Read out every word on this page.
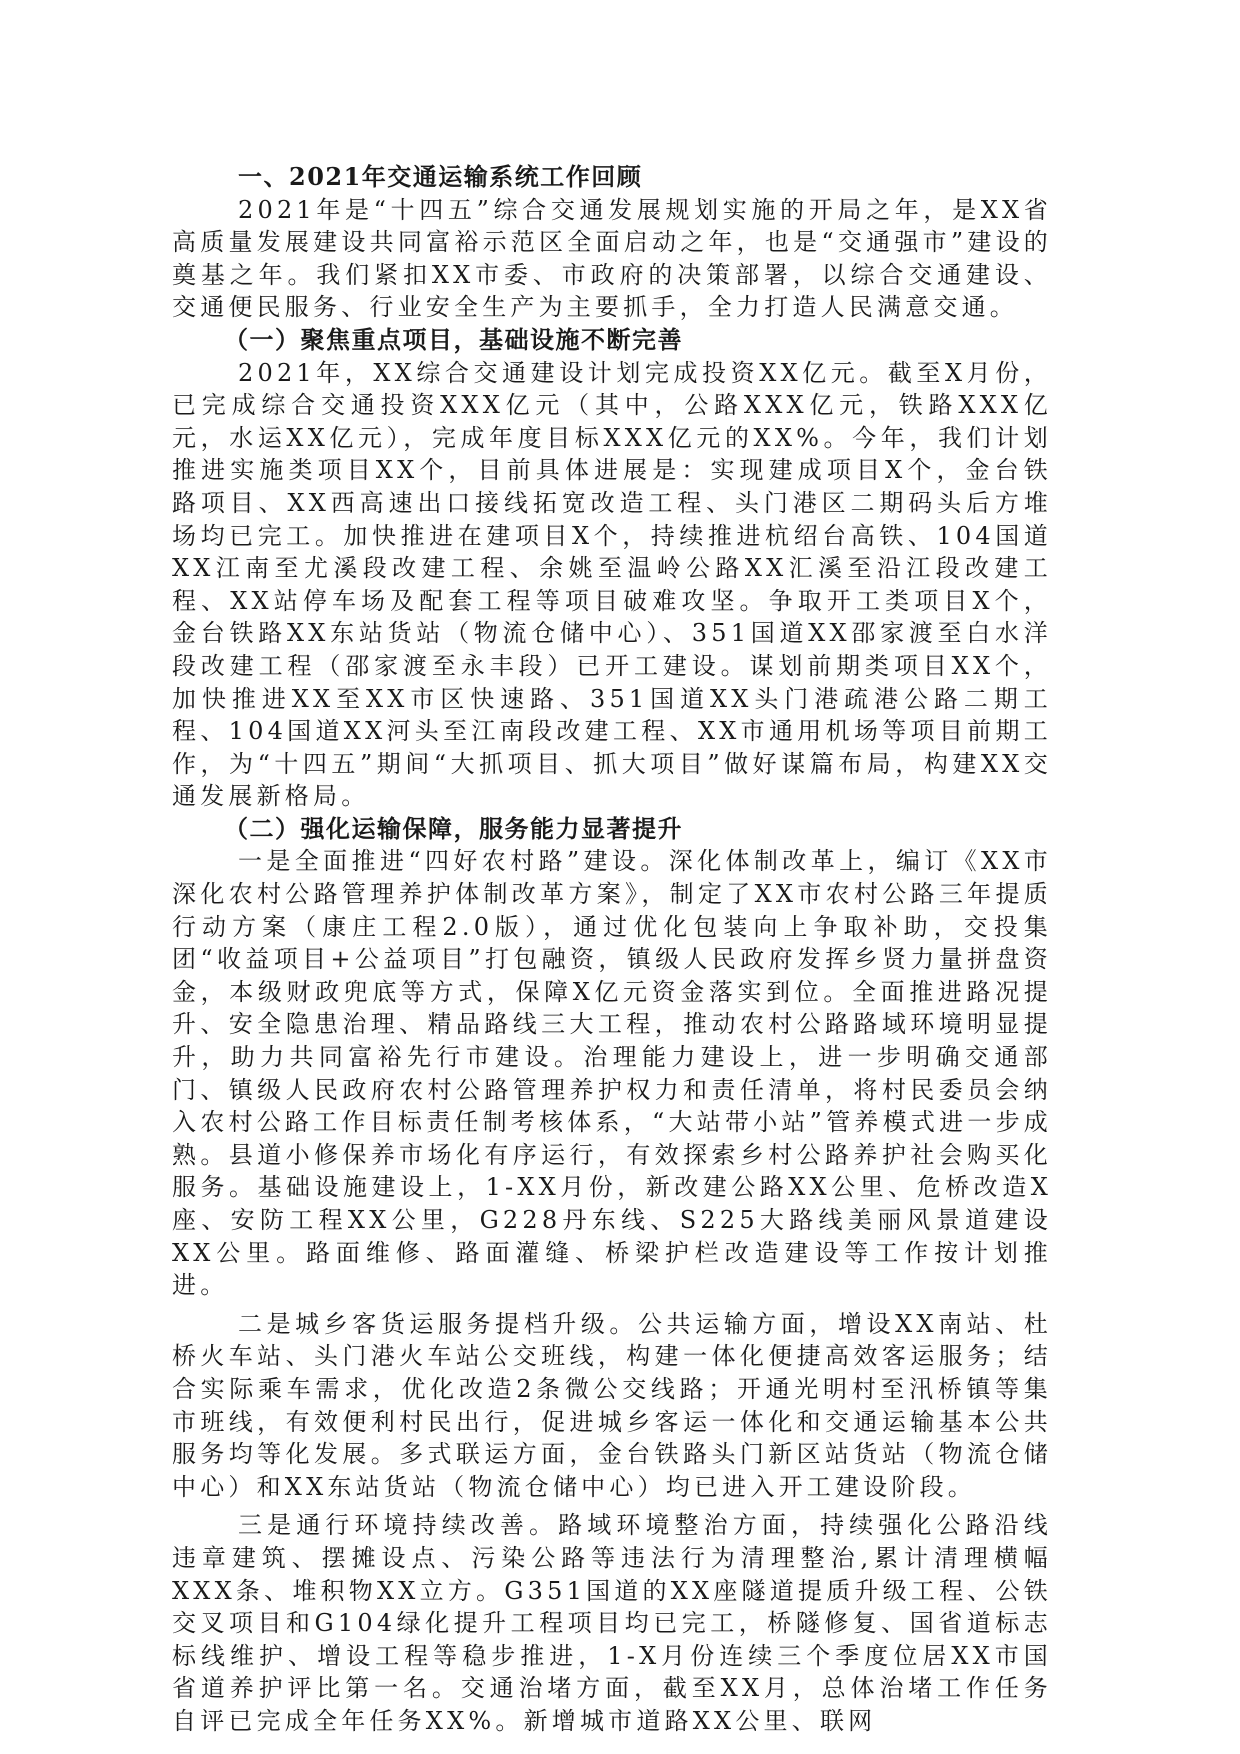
一、2021年交通运输系统工作回顾

2021年是“十四五”综合交通发展规划实施的开局之年，是XX省高质量发展建设共同富裕示范区全面启动之年，也是“交通强市”建设的奠基之年。我们紧扣XX市委、市政府的决策部署，以综合交通建设、交通便民服务、行业安全生产为主要抓手，全力打造人民满意交通。

（一）聚焦重点项目，基础设施不断完善

2021年，XX综合交通建设计划完成投资XX亿元。截至X月份，已完成综合交通投资XXX亿元（其中，公路XXX亿元，铁路XXX亿元，水运XX亿元），完成年度目标XXX亿元的XX%。今年，我们计划推进实施类项目XX个，目前具体进展是：实现建成项目X个，金台铁路项目、XX西高速出口接线拓宽改造工程、头门港区二期码头后方堆场均已完工。加快推进在建项目X个，持续推进杭绍台高铁、104国道XX江南至尤溪段改建工程、余姚至温岭公路XX汇溪至沿江段改建工程、XX站停车场及配套工程等项目破难攻坚。争取开工类项目X个，金台铁路XX东站货站（物流仓储中心）、351国道XX邵家渡至白水洋段改建工程（邵家渡至永丰段）已开工建设。谋划前期类项目XX个，加快推进XX至XX市区快速路、351国道XX头门港疏港公路二期工程、104国道XX河头至江南段改建工程、XX市通用机场等项目前期工作，为“十四五”期间“大抓项目、抓大项目”做好谋篇布局，构建XX交通发展新格局。

（二）强化运输保障，服务能力显著提升

一是全面推进“四好农村路”建设。深化体制改革上，编订《XX市深化农村公路管理养护体制改革方案》，制定了XX市农村公路三年提质行动方案（康庄工程2.0版），通过优化包装向上争取补助，交投集团“收益项目+公益项目”打包融资，镇级人民政府发挥乡贤力量拼盘资金，本级财政兜底等方式，保障X亿元资金落实到位。全面推进路况提升、安全隐患治理、精品路线三大工程，推动农村公路路域环境明显提升，助力共同富裕先行市建设。治理能力建设上，进一步明确交通部门、镇级人民政府农村公路管理养护权力和责任清单，将村民委员会纳入农村公路工作目标责任制考核体系，“大站带小站”管养模式进一步成熟。县道小修保养市场化有序运行，有效探索乡村公路养护社会购买化服务。基础设施建设上，1-XX月份，新改建公路XX公里、危桥改造X座、安防工程XX公里，G228丹东线、S225大路线美丽风景道建设XX公里。路面维修、路面灌缝、桥梁护栏改造建设等工作按计划推进。

二是城乡客货运服务提档升级。公共运输方面，增设XX南站、杜桥火车站、头门港火车站公交班线，构建一体化便捷高效客运服务；结合实际乘车需求，优化改造2条微公交线路；开通光明村至汛桥镇等集市班线，有效便利村民出行，促进城乡客运一体化和交通运输基本公共服务均等化发展。多式联运方面，金台铁路头门新区站货站（物流仓储中心）和XX东站货站（物流仓储中心）均已进入开工建设阶段。

三是通行环境持续改善。路域环境整治方面，持续强化公路沿线违章建筑、摆摊设点、污染公路等违法行为清理整治,累计清理横幅XXX条、堆积物XX立方。G351国道的XX座隧道提质升级工程、公铁交叉项目和G104绿化提升工程项目均已完工，桥隧修复、国省道标志标线维护、增设工程等稳步推进，1-X月份连续三个季度位居XX市国省道养护评比第一名。交通治堵方面，截至XX月，总体治堵工作任务自评已完成全年任务XX%。新增城市道路XX公里、联网
